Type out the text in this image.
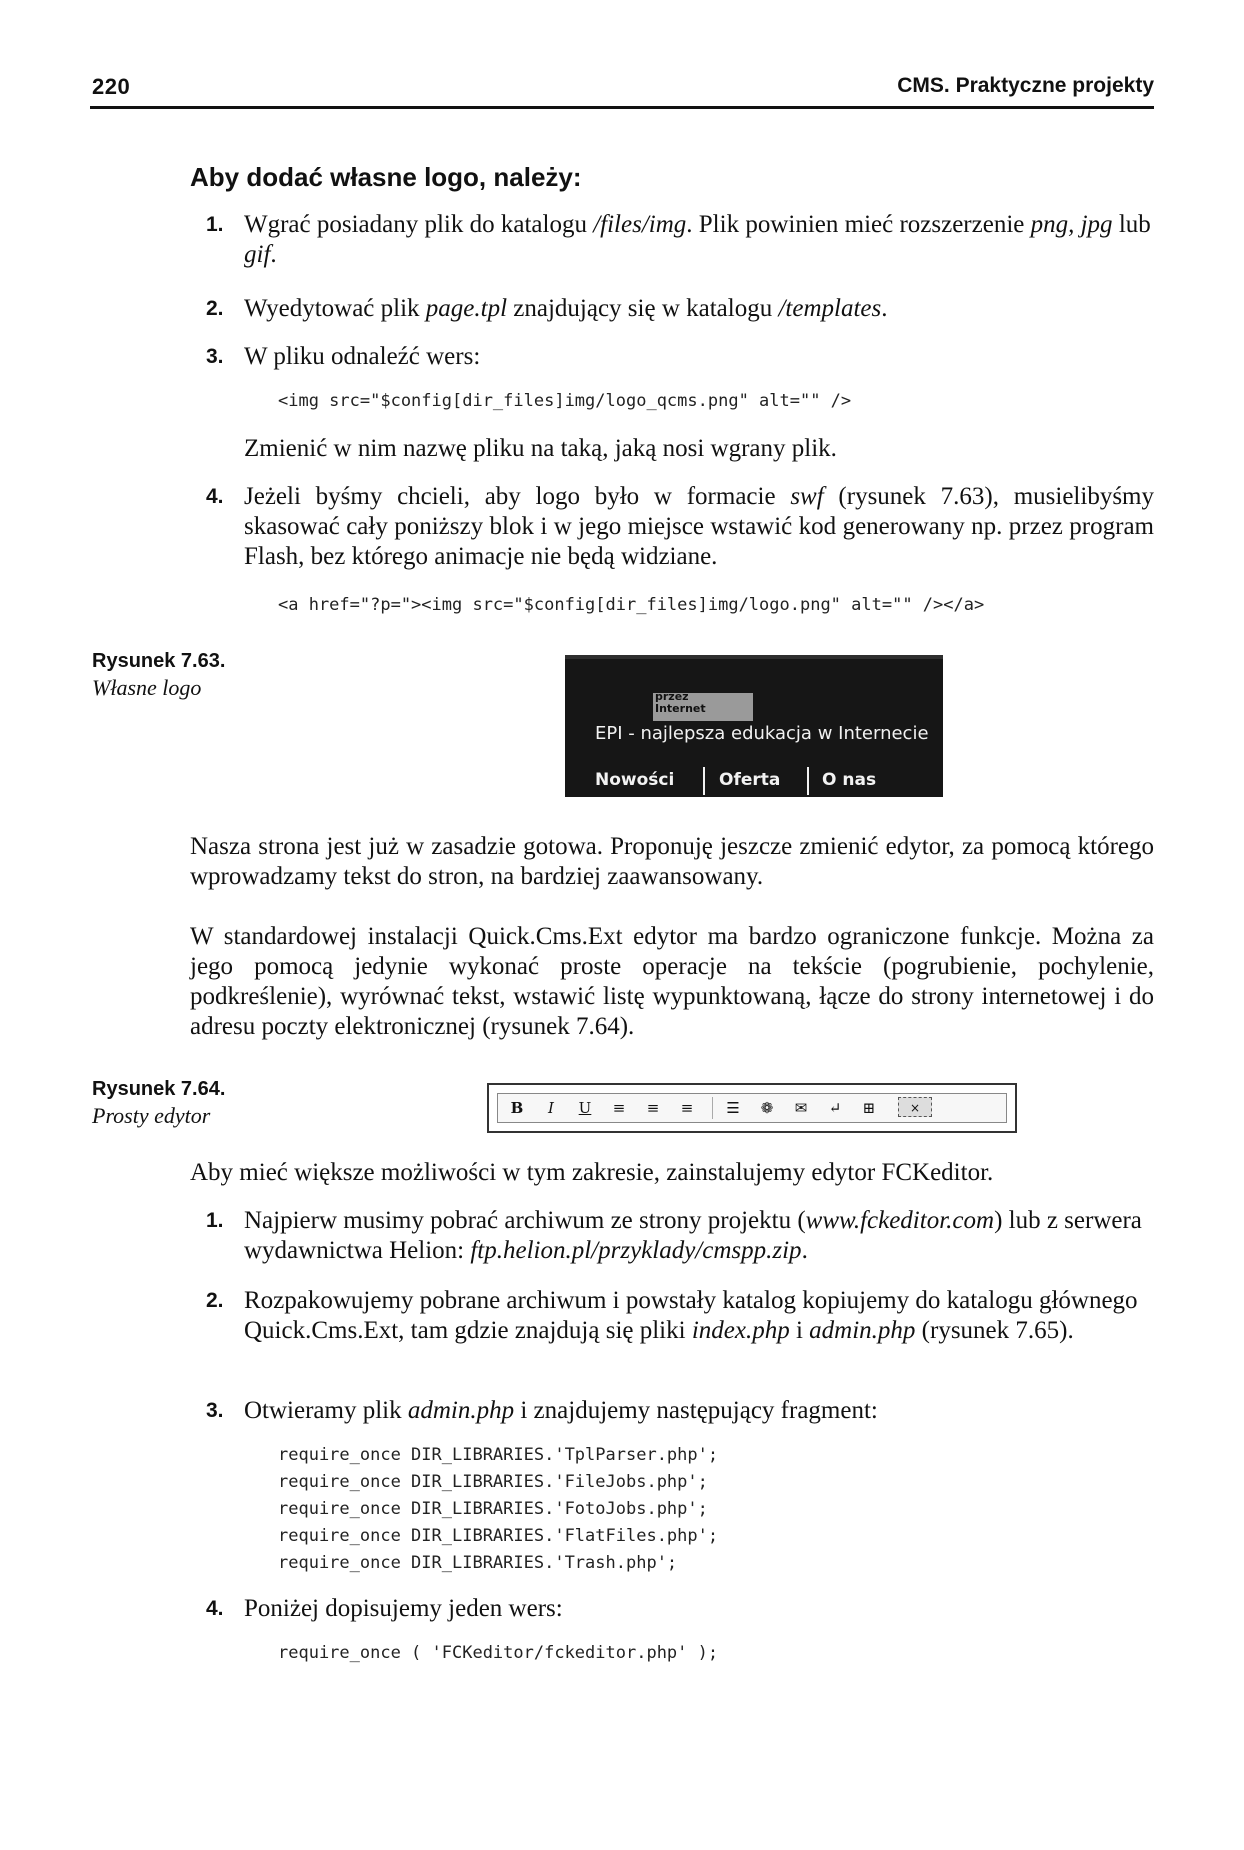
220	CMS. Praktyczne projekty
Aby dodać własne logo, należy:
1. Wgrać posiadany plik do katalogu /files/img. Plik powinien mieć rozszerzenie png, jpg lub gif.
2. Wyedytować plik page.tpl znajdujący się w katalogu /templates.
3. W pliku odnaleźć wers:
<img src="$config[dir_files]img/logo_qcms.png" alt="" />
Zmienić w nim nazwę pliku na taką, jaką nosi wgrany plik.
4. Jeżeli byśmy chcieli, aby logo było w formacie swf (rysunek 7.63), musielibyśmy skasować cały poniższy blok i w jego miejsce wstawić kod generowany np. przez program Flash, bez którego animacje nie będą widziane.
<a href="?p="><img src="$config[dir_files]img/logo.png" alt="" /></a>
Rysunek 7.63.
Własne logo	przez
Internet
EPI - najlepsza edukacja w Internecie
Nowości	Oferta O nas
Nasza strona jest już w zasadzie gotowa. Proponuję jeszcze zmienić edytor, za pomocą którego wprowadzamy tekst do stron, na bardziej zaawansowany.
W standardowej instalacji Quick.Cms.Ext edytor ma bardzo ograniczone funkcje. Można za jego pomocą jedynie wykonać proste operacje na tekście (pogrubienie, pochylenie, podkreślenie), wyrównać tekst, wstawić listę wypunktowaną, łącze do strony internetowej i do adresu poczty elektronicznej (rysunek 7.64).
Rysunek 7.64.
Prosty edytor	B	I	U	≡	≡	≡	☰	❁	✉	↵	⊞	×
Aby mieć większe możliwości w tym zakresie, zainstalujemy edytor FCKeditor.
1. Najpierw musimy pobrać archiwum ze strony projektu (www.fckeditor.com) lub z serwera wydawnictwa Helion: ftp.helion.pl/przyklady/cmspp.zip.
2. Rozpakowujemy pobrane archiwum i powstały katalog kopiujemy do katalogu głównego Quick.Cms.Ext, tam gdzie znajdują się pliki index.php i admin.php (rysunek 7.65).
3. Otwieramy plik admin.php i znajdujemy następujący fragment:
require_once DIR_LIBRARIES.'TplParser.php';
require_once DIR_LIBRARIES.'FileJobs.php';
require_once DIR_LIBRARIES.'FotoJobs.php';
require_once DIR_LIBRARIES.'FlatFiles.php';
require_once DIR_LIBRARIES.'Trash.php';
4. Poniżej dopisujemy jeden wers:
require_once ( 'FCKeditor/fckeditor.php' );
